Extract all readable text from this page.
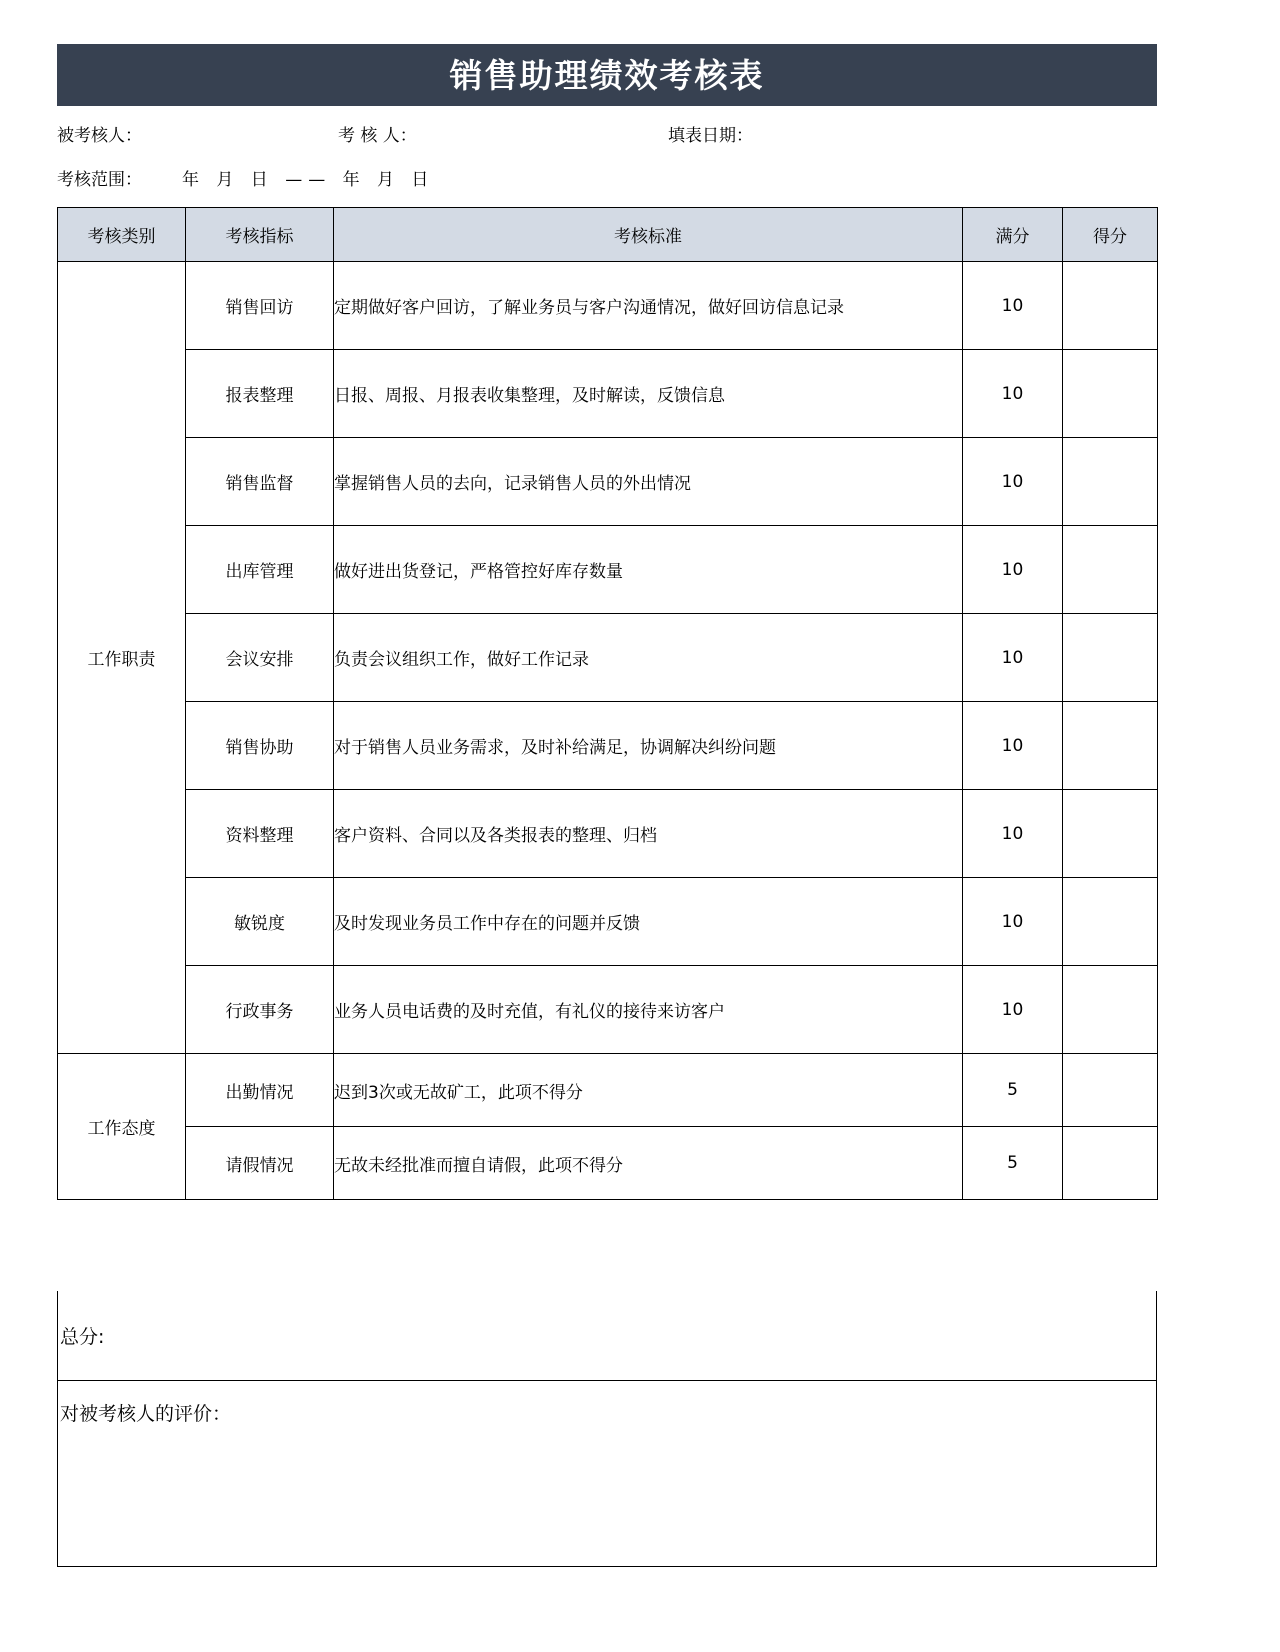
销售助理绩效考核表
被考核人：	考 核 人：	填表日期：
考核范围： 年 月 日 —— 年 月 日
考核类别	考核指标	考核标准	满分	得分
工作职责	销售回访	定期做好客户回访，了解业务员与客户沟通情况，做好回访信息记录	10	
	报表整理	日报、周报、月报表收集整理，及时解读，反馈信息	10	
	销售监督	掌握销售人员的去向，记录销售人员的外出情况	10	
	出库管理	做好进出货登记，严格管控好库存数量	10	
	会议安排	负责会议组织工作，做好工作记录	10	
	销售协助	对于销售人员业务需求，及时补给满足，协调解决纠纷问题	10	
	资料整理	客户资料、合同以及各类报表的整理、归档	10	
	敏锐度	及时发现业务员工作中存在的问题并反馈	10	
	行政事务	业务人员电话费的及时充值，有礼仪的接待来访客户	10	
工作态度	出勤情况	迟到3次或无故矿工，此项不得分	5	
	请假情况	无故未经批准而擅自请假，此项不得分	5	
总分:
对被考核人的评价：
